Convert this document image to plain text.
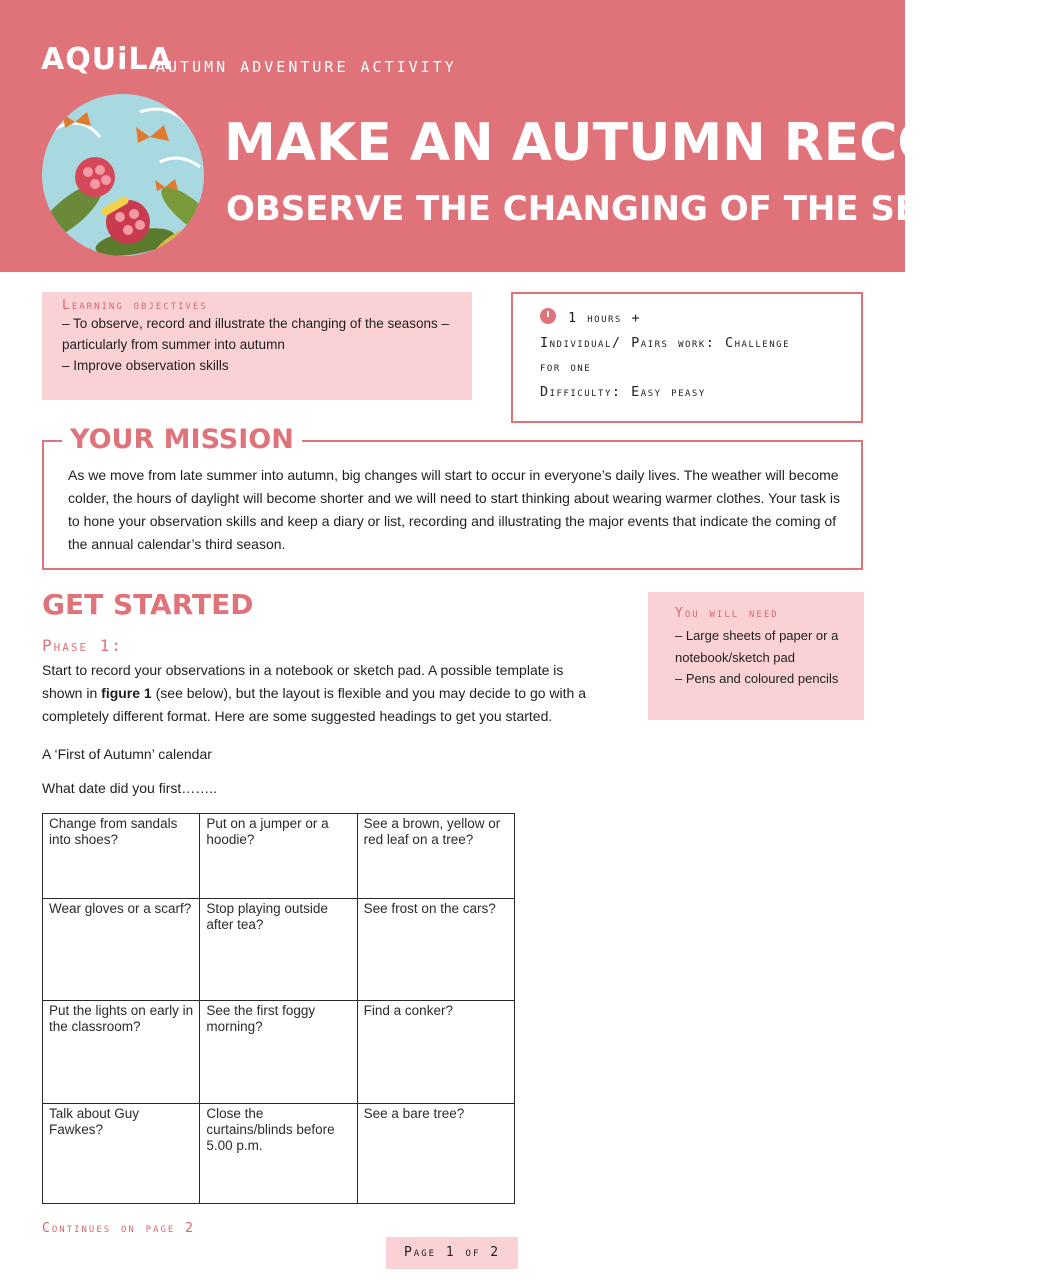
AQUiLA
AUTUMN ADVENTURE ACTIVITY
MAKE AN AUTUMN RECORD
OBSERVE THE CHANGING OF THE SEASONS
Learning objectives
– To observe, record and illustrate the changing of the seasons –
particularly from summer into autumn
– Improve observation skills
1 hours +
Individual/ Pairs work: Challenge
for one
Difficulty: Easy peasy
YOUR MISSION
As we move from late summer into autumn, big changes will start to occur in everyone’s daily lives. The weather will become colder, the hours of daylight will become shorter and we will need to start thinking about wearing warmer clothes. Your task is to hone your observation skills and keep a diary or list, recording and illustrating the major events that indicate the coming of the annual calendar’s third season.
GET STARTED
Phase 1:
Start to record your observations in a notebook or sketch pad. A possible template is shown in figure 1 (see below), but the layout is flexible and you may decide to go with a completely different format. Here are some suggested headings to get you started.
A ‘First of Autumn’ calendar
What date did you first……..
You will need
– Large sheets of paper or a
notebook/sketch pad
– Pens and coloured pencils
Change from sandals into shoes?	Put on a jumper or a hoodie?	See a brown, yellow or red leaf on a tree?
Wear gloves or a scarf?	Stop playing outside after tea?	See frost on the cars?
Put the lights on early in the classroom?	See the first foggy morning?	Find a conker?
Talk about Guy Fawkes?	Close the curtains/blinds before 5.00 p.m.	See a bare tree?
Continues on page 2
Page 1 of 2
